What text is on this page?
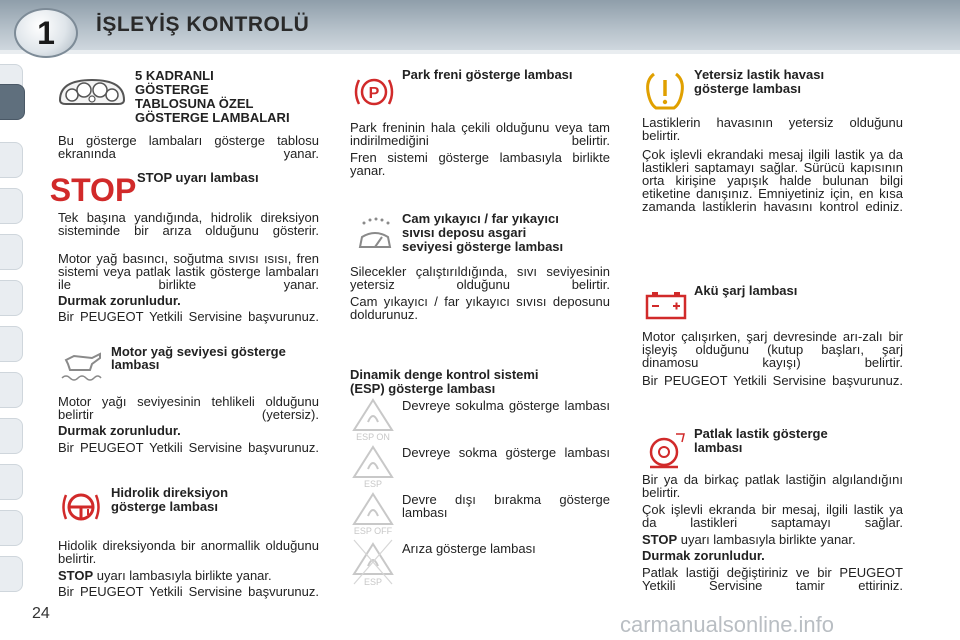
1	İŞLEYİŞ KONTROLÜ
5 KADRANLI
GÖSTERGE
TABLOSUNA ÖZEL
GÖSTERGE LAMBALARI

Bu gösterge lambaları gösterge tablosu ekranında yanar.

STOP STOP uyarı lambası

Tek başına yandığında, hidrolik direksiyon sisteminde bir arıza olduğunu gösterir.

Motor yağ basıncı, soğutma sıvısı ısısı, fren sistemi veya patlak lastik gösterge lambaları ile birlikte yanar.

Durmak zorunludur.

Bir PEUGEOT Yetkili Servisine başvurunuz.

Motor yağ seviyesi gösterge lambası

Motor yağı seviyesinin tehlikeli olduğunu belirtir (yetersiz).

Durmak zorunludur.

Bir PEUGEOT Yetkili Servisine başvurunuz.

Hidrolik direksiyon
gösterge lambası

Hidolik direksiyonda bir anormallik olduğunu belirtir.

STOP uyarı lambasıyla birlikte yanar.

Bir PEUGEOT Yetkili Servisine başvurunuz.

P
Park freni gösterge lambası

Park freninin hala çekili olduğunu veya tam indirilmediğini belirtir.

Fren sistemi gösterge lambasıyla birlikte yanar.

Cam yıkayıcı / far yıkayıcı
sıvısı deposu asgari
seviyesi gösterge lambası

Silecekler çalıştırıldığında, sıvı seviyesinin yetersiz olduğunu belirtir.

Cam yıkayıcı / far yıkayıcı sıvısı deposunu doldurunuz.

Dinamik denge kontrol sistemi
(ESP) gösterge lambası
ESP ON

Devreye sokulma gösterge lambası

ESP

Devreye sokma gösterge lambası

ESP OFF

Devre dışı bırakma gösterge lambası

ESP

Arıza gösterge lambası

Yetersiz lastik havası
gösterge lambası

Lastiklerin havasının yetersiz olduğunu belirtir.

Çok işlevli ekrandaki mesaj ilgili lastik ya da lastikleri saptamayı sağlar. Sürücü kapısının orta kirişine yapışık halde bulunan bilgi etiketine danışınız. Emniyetiniz için, en kısa zamanda lastiklerin havasını kontrol ediniz.

Akü şarj lambası

Motor çalışırken, şarj devresinde arı-zalı bir işleyiş olduğunu (kutup başları, şarj dinamosu kayışı) belirtir.

Bir PEUGEOT Yetkili Servisine başvurunuz.

Patlak lastik gösterge
lambası

Bir ya da birkaç patlak lastiğin algılandığını belirtir.

Çok işlevli ekranda bir mesaj, ilgili lastik ya da lastikleri saptamayı sağlar.

STOP uyarı lambasıyla birlikte yanar.

Durmak zorunludur.

Patlak lastiği değiştiriniz ve bir PEUGEOT Yetkili Servisine tamir ettiriniz.

24	carmanualsonline.info
